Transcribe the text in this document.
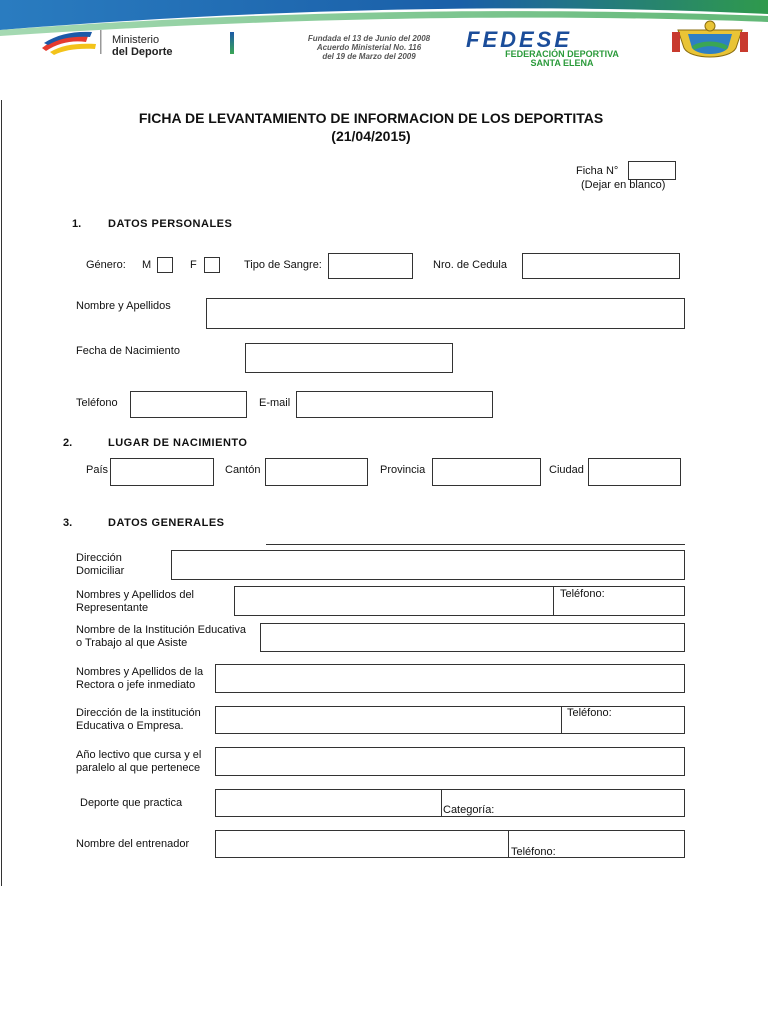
Ministerio
del Deporte
Fundada el 13 de Junio del 2008
Acuerdo Ministerial No. 116
del 19 de Marzo del 2009
FEDESE
FEDERACIÓN DEPORTIVA
SANTA ELENA
FICHA DE LEVANTAMIENTO DE INFORMACION DE LOS DEPORTITAS
(21/04/2015)
Ficha N°
(Dejar en blanco)
1. DATOS PERSONALES
Género: M	F	Tipo de Sangre:	Nro. de Cedula
Nombre y Apellidos
Fecha de Nacimiento
Teléfono	E-mail
2.	LUGAR DE NACIMIENTO
País	Cantón	Provincia	Ciudad
3.	DATOS GENERALES
Dirección
Domiciliar
Nombres y Apellidos del
Representante
Teléfono:
Nombre de la Institución Educativa
o Trabajo al que Asiste
Nombres y Apellidos de la
Rectora o jefe inmediato
Dirección de la institución
Educativa o Empresa.
Teléfono:
Año lectivo que cursa y el
paralelo al que pertenece
Deporte que practica
Categoría:
Nombre del entrenador
Teléfono:
